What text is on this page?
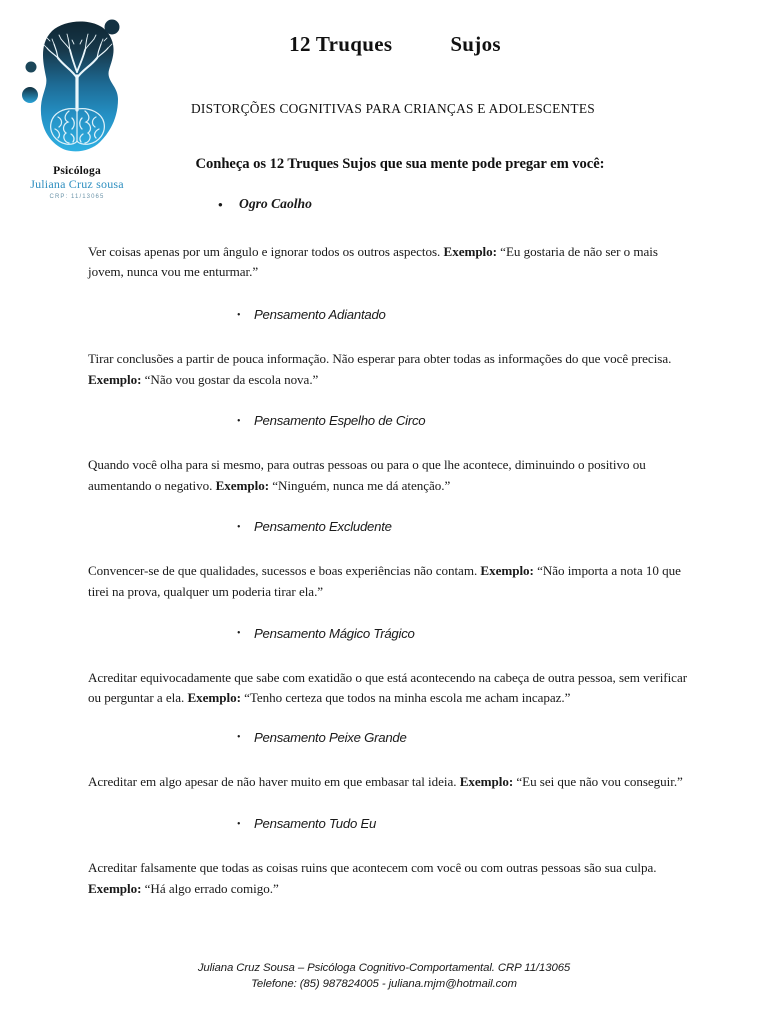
Psicóloga
Juliana Cruz sousa
CRP: 11/13065
12 Truques	Sujos
DISTORÇÕES COGNITIVAS PARA CRIANÇAS E ADOLESCENTES
Conheça os 12 Truques Sujos que sua mente pode pregar em você:
• Ogro Caolho
Ver coisas apenas por um ângulo e ignorar todos os outros aspectos. Exemplo: “Eu gostaria de não ser o mais jovem, nunca vou me enturmar.”
• Pensamento Adiantado
Tirar conclusões a partir de pouca informação. Não esperar para obter todas as informações do que você precisa. Exemplo: “Não vou gostar da escola nova.”
• Pensamento Espelho de Circo
Quando você olha para si mesmo, para outras pessoas ou para o que lhe acontece, diminuindo o positivo ou aumentando o negativo. Exemplo: “Ninguém, nunca me dá atenção.”
• Pensamento Excludente
Convencer-se de que qualidades, sucessos e boas experiências não contam. Exemplo: “Não importa a nota 10 que tirei na prova, qualquer um poderia tirar ela.”
• Pensamento Mágico Trágico
Acreditar equivocadamente que sabe com exatidão o que está acontecendo na cabeça de outra pessoa, sem verificar ou perguntar a ela. Exemplo: “Tenho certeza que todos na minha escola me acham incapaz.”
• Pensamento Peixe Grande
Acreditar em algo apesar de não haver muito em que embasar tal ideia. Exemplo: “Eu sei que não vou conseguir.”
• Pensamento Tudo Eu
Acreditar falsamente que todas as coisas ruins que acontecem com você ou com outras pessoas são sua culpa. Exemplo: “Há algo errado comigo.”
Juliana Cruz Sousa – Psicóloga Cognitivo-Comportamental. CRP 11/13065
Telefone: (85) 987824005 - juliana.mjm@hotmail.com
